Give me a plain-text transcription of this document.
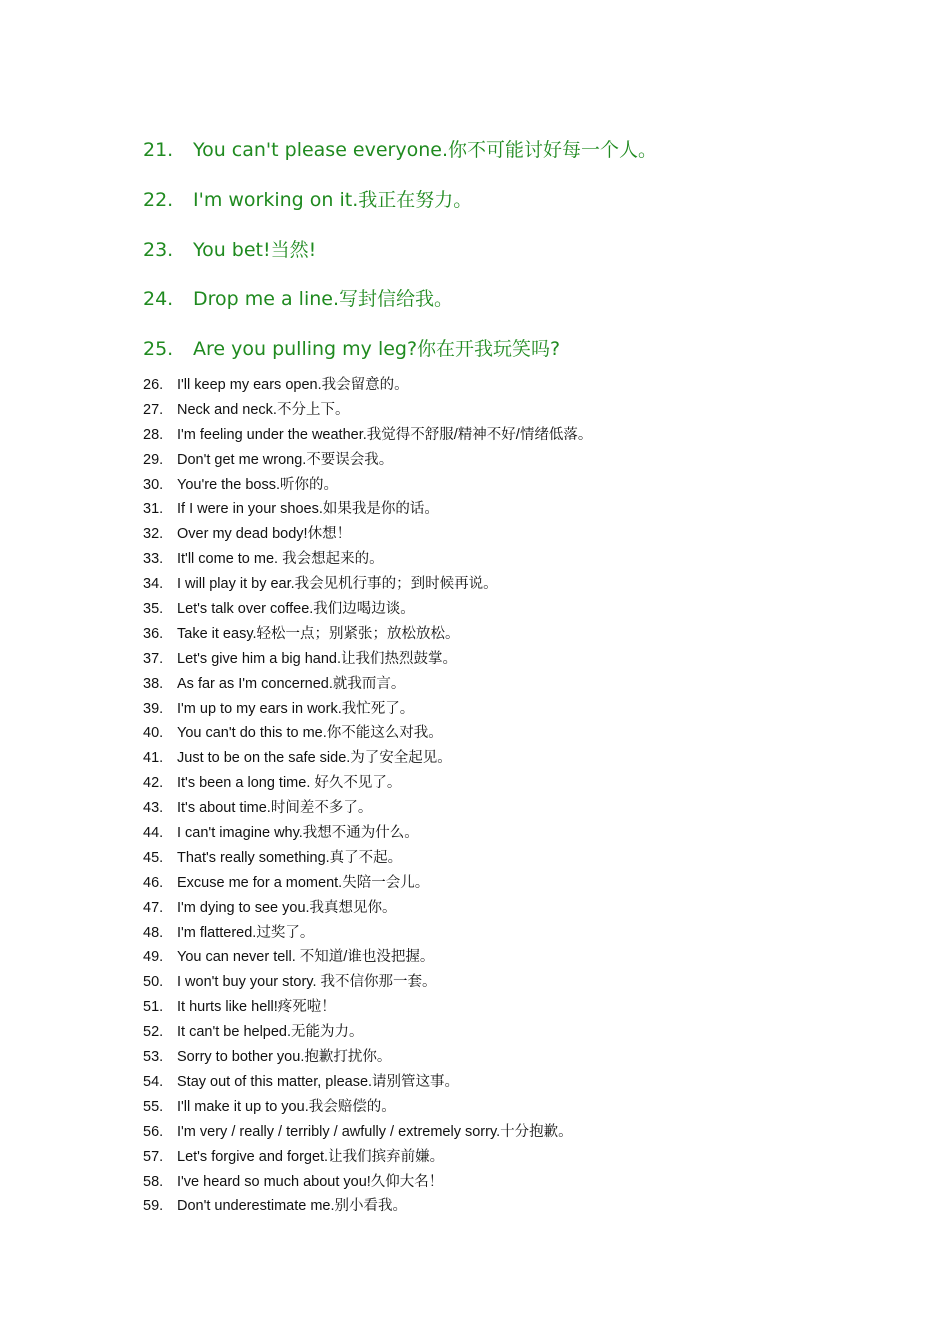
21. You can't please everyone.你不可能讨好每一个人。
22. I'm working on it.我正在努力。
23. You bet!当然!
24. Drop me a line.写封信给我。
25. Are you pulling my leg?你在开我玩笑吗?
26. I'll keep my ears open.我会留意的。
27. Neck and neck.不分上下。
28. I'm feeling under the weather.我觉得不舒服/精神不好/情绪低落。
29. Don't get me wrong.不要误会我。
30. You're the boss.听你的。
31. If I were in your shoes.如果我是你的话。
32. Over my dead body!休想！
33. It'll come to me. 我会想起来的。
34. I will play it by ear.我会见机行事的；到时候再说。
35. Let's talk over coffee.我们边喝边谈。
36. Take it easy.轻松一点；别紧张；放松放松。
37. Let's give him a big hand.让我们热烈鼓掌。
38. As far as I'm concerned.就我而言。
39. I'm up to my ears in work.我忙死了。
40. You can't do this to me.你不能这么对我。
41. Just to be on the safe side.为了安全起见。
42. It's been a long time. 好久不见了。
43. It's about time.时间差不多了。
44. I can't imagine why.我想不通为什么。
45. That's really something.真了不起。
46. Excuse me for a moment.失陪一会儿。
47. I'm dying to see you.我真想见你。
48. I'm flattered.过奖了。
49. You can never tell. 不知道/谁也没把握。
50. I won't buy your story. 我不信你那一套。
51. It hurts like hell!疼死啦！
52. It can't be helped.无能为力。
53. Sorry to bother you.抱歉打扰你。
54. Stay out of this matter, please.请别管这事。
55. I'll make it up to you.我会赔偿的。
56. I'm very / really / terribly / awfully / extremely sorry.十分抱歉。
57. Let's forgive and forget.让我们摈弃前嫌。
58. I've heard so much about you!久仰大名！
59. Don't underestimate me.别小看我。
